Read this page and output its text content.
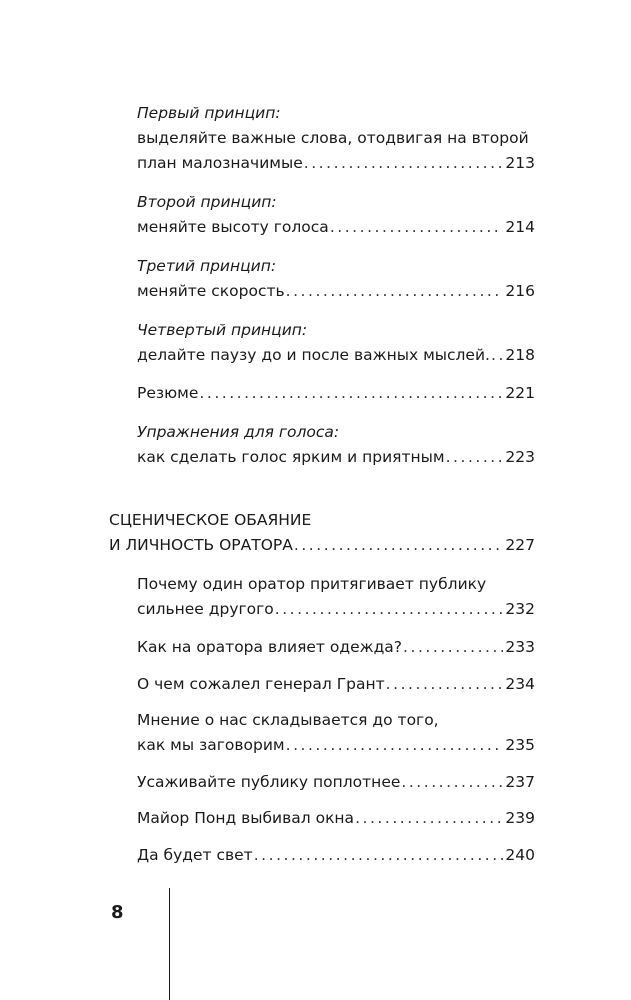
Первый принцип:
выделяйте важные слова, отодвигая на второй
план малозначимые . . .	213
Второй принцип:
меняйте высоту голоса . . .	214
Третий принцип:
меняйте скорость . . .	216
Четвертый принцип:
делайте паузу до и после важных мыслей. . . . 218
Резюме . . .	221
Упражнения для голоса:
как сделать голос ярким и приятным . . .	223
СЦЕНИЧЕСКОЕ ОБАЯНИЕ
И ЛИЧНОСТЬ ОРАТОРА . . .	227
Почему один оратор притягивает публику
сильнее другого . . .	232
Как на оратора влияет одежда? . . .	233
О чем сожалел генерал Грант . . .	234
Мнение о нас складывается до того,
как мы заговорим . . .	235
Усаживайте публику поплотнее . . .	237
Майор Понд выбивал окна . . .	239
Да будет свет . . .	240
8
